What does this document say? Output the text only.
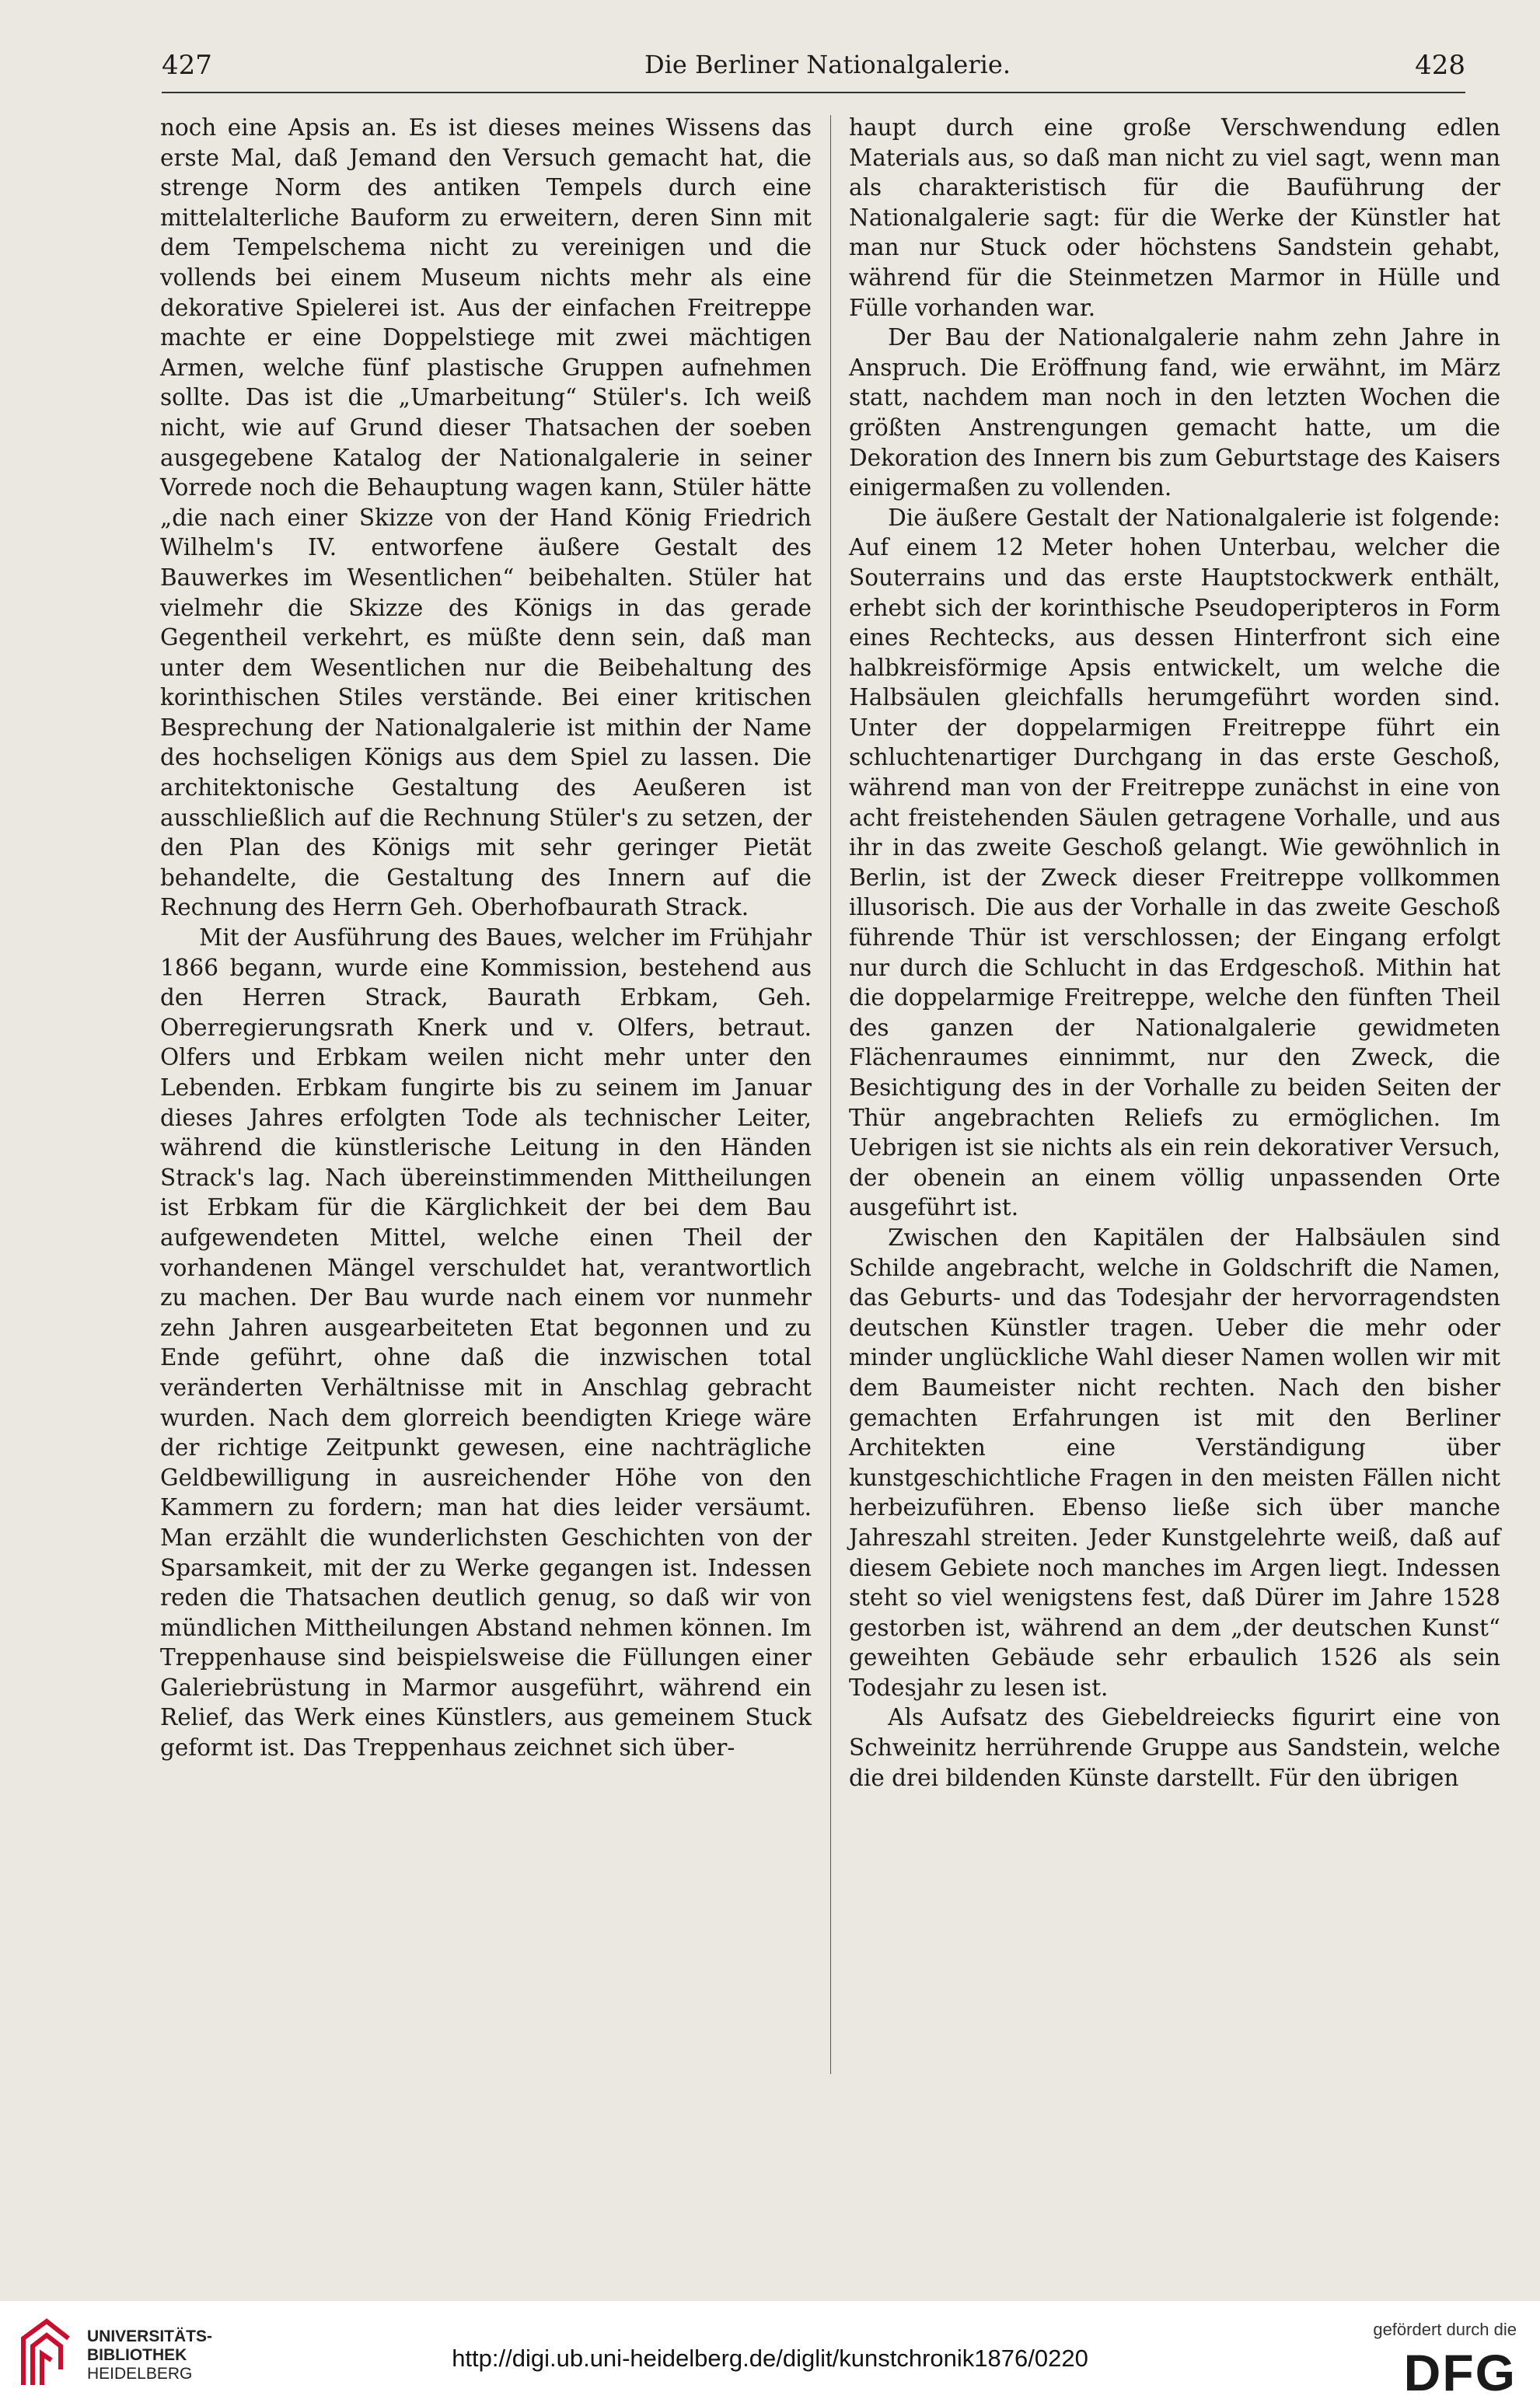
427	Die Berliner Nationalgalerie.	428

noch eine Apsis an. Es ist dieses meines Wissens das erste Mal, daß Jemand den Versuch gemacht hat, die strenge Norm des antiken Tempels durch eine mittelalterliche Bauform zu erweitern, deren Sinn mit dem Tempelschema nicht zu vereinigen und die vollends bei einem Museum nichts mehr als eine dekorative Spielerei ist. Aus der einfachen Freitreppe machte er eine Doppelstiege mit zwei mächtigen Armen, welche fünf plastische Gruppen aufnehmen sollte. Das ist die „Umarbeitung“ Stüler's. Ich weiß nicht, wie auf Grund dieser Thatsachen der soeben ausgegebene Katalog der Nationalgalerie in seiner Vorrede noch die Behauptung wagen kann, Stüler hätte „die nach einer Skizze von der Hand König Friedrich Wilhelm's IV. entworfene äußere Gestalt des Bauwerkes im Wesentlichen“ beibehalten. Stüler hat vielmehr die Skizze des Königs in das gerade Gegentheil verkehrt, es müßte denn sein, daß man unter dem Wesentlichen nur die Beibehaltung des korinthischen Stiles verstände. Bei einer kritischen Besprechung der Nationalgalerie ist mithin der Name des hochseligen Königs aus dem Spiel zu lassen. Die architektonische Gestaltung des Aeußeren ist ausschließlich auf die Rechnung Stüler's zu setzen, der den Plan des Königs mit sehr geringer Pietät behandelte, die Gestaltung des Innern auf die Rechnung des Herrn Geh. Oberhofbaurath Strack.

Mit der Ausführung des Baues, welcher im Frühjahr 1866 begann, wurde eine Kommission, bestehend aus den Herren Strack, Baurath Erbkam, Geh. Oberregierungsrath Knerk und v. Olfers, betraut. Olfers und Erbkam weilen nicht mehr unter den Lebenden. Erbkam fungirte bis zu seinem im Januar dieses Jahres erfolgten Tode als technischer Leiter, während die künstlerische Leitung in den Händen Strack's lag. Nach übereinstimmenden Mittheilungen ist Erbkam für die Kärglichkeit der bei dem Bau aufgewendeten Mittel, welche einen Theil der vorhandenen Mängel verschuldet hat, verantwortlich zu machen. Der Bau wurde nach einem vor nunmehr zehn Jahren ausgearbeiteten Etat begonnen und zu Ende geführt, ohne daß die inzwischen total veränderten Verhältnisse mit in Anschlag gebracht wurden. Nach dem glorreich beendigten Kriege wäre der richtige Zeitpunkt gewesen, eine nachträgliche Geldbewilligung in ausreichender Höhe von den Kammern zu fordern; man hat dies leider versäumt. Man erzählt die wunderlichsten Geschichten von der Sparsamkeit, mit der zu Werke gegangen ist. Indessen reden die Thatsachen deutlich genug, so daß wir von mündlichen Mittheilungen Abstand nehmen können. Im Treppenhause sind beispielsweise die Füllungen einer Galeriebrüstung in Marmor ausgeführt, während ein Relief, das Werk eines Künstlers, aus gemeinem Stuck geformt ist. Das Treppenhaus zeichnet sich über-

haupt durch eine große Verschwendung edlen Materials aus, so daß man nicht zu viel sagt, wenn man als charakteristisch für die Bauführung der Nationalgalerie sagt: für die Werke der Künstler hat man nur Stuck oder höchstens Sandstein gehabt, während für die Steinmetzen Marmor in Hülle und Fülle vorhanden war.

Der Bau der Nationalgalerie nahm zehn Jahre in Anspruch. Die Eröffnung fand, wie erwähnt, im März statt, nachdem man noch in den letzten Wochen die größten Anstrengungen gemacht hatte, um die Dekoration des Innern bis zum Geburtstage des Kaisers einigermaßen zu vollenden.

Die äußere Gestalt der Nationalgalerie ist folgende: Auf einem 12 Meter hohen Unterbau, welcher die Souterrains und das erste Hauptstockwerk enthält, erhebt sich der korinthische Pseudoperipteros in Form eines Rechtecks, aus dessen Hinterfront sich eine halbkreisförmige Apsis entwickelt, um welche die Halbsäulen gleichfalls herumgeführt worden sind. Unter der doppelarmigen Freitreppe führt ein schluchtenartiger Durchgang in das erste Geschoß, während man von der Freitreppe zunächst in eine von acht freistehenden Säulen getragene Vorhalle, und aus ihr in das zweite Geschoß gelangt. Wie gewöhnlich in Berlin, ist der Zweck dieser Freitreppe vollkommen illusorisch. Die aus der Vorhalle in das zweite Geschoß führende Thür ist verschlossen; der Eingang erfolgt nur durch die Schlucht in das Erdgeschoß. Mithin hat die doppelarmige Freitreppe, welche den fünften Theil des ganzen der Nationalgalerie gewidmeten Flächenraumes einnimmt, nur den Zweck, die Besichtigung des in der Vorhalle zu beiden Seiten der Thür angebrachten Reliefs zu ermöglichen. Im Uebrigen ist sie nichts als ein rein dekorativer Versuch, der obenein an einem völlig unpassenden Orte ausgeführt ist.

Zwischen den Kapitälen der Halbsäulen sind Schilde angebracht, welche in Goldschrift die Namen, das Geburts- und das Todesjahr der hervorragendsten deutschen Künstler tragen. Ueber die mehr oder minder unglückliche Wahl dieser Namen wollen wir mit dem Baumeister nicht rechten. Nach den bisher gemachten Erfahrungen ist mit den Berliner Architekten eine Verständigung über kunstgeschichtliche Fragen in den meisten Fällen nicht herbeizuführen. Ebenso ließe sich über manche Jahreszahl streiten. Jeder Kunstgelehrte weiß, daß auf diesem Gebiete noch manches im Argen liegt. Indessen steht so viel wenigstens fest, daß Dürer im Jahre 1528 gestorben ist, während an dem „der deutschen Kunst“ geweihten Gebäude sehr erbaulich 1526 als sein Todesjahr zu lesen ist.

Als Aufsatz des Giebeldreiecks figurirt eine von Schweinitz herrührende Gruppe aus Sandstein, welche die drei bildenden Künste darstellt. Für den übrigen

UNIVERSITÄTS-
BIBLIOTHEK
HEIDELBERG
http://digi.ub.uni-heidelberg.de/diglit/kunstchronik1876/0220
gefördert durch die
DFG
